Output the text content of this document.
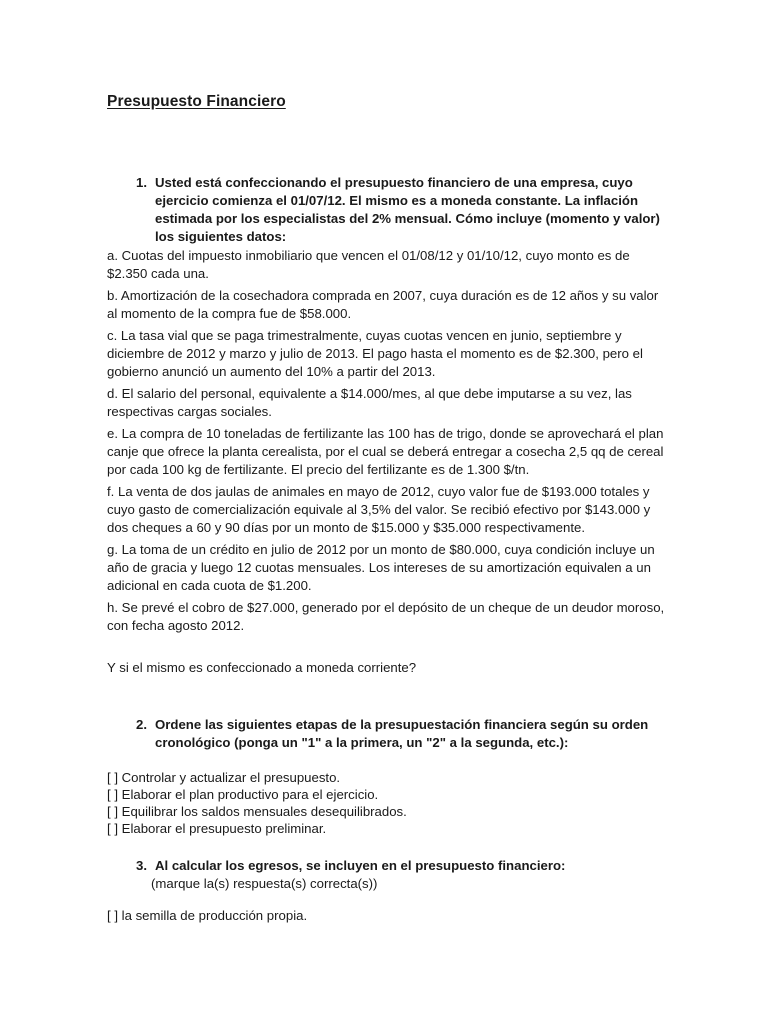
Presupuesto Financiero
1. Usted está confeccionando el presupuesto financiero de una empresa, cuyo ejercicio comienza el 01/07/12. El mismo es a moneda constante. La inflación estimada por los especialistas del 2% mensual. Cómo incluye (momento y valor) los siguientes datos:
a. Cuotas del impuesto inmobiliario que vencen el 01/08/12 y 01/10/12, cuyo monto es de $2.350 cada una.
b. Amortización de la cosechadora comprada en 2007, cuya duración es de 12 años y su valor al momento de la compra fue de $58.000.
c. La tasa vial que se paga trimestralmente, cuyas cuotas vencen en junio, septiembre y diciembre de 2012 y marzo y julio de 2013. El pago hasta el momento es de $2.300, pero el gobierno anunció un aumento del 10% a partir del 2013.
d. El salario del personal, equivalente a $14.000/mes, al que debe imputarse a su vez, las respectivas cargas sociales.
e. La compra de 10 toneladas de fertilizante las 100 has de trigo, donde se aprovechará el plan canje que ofrece la planta cerealista, por el cual se deberá entregar a cosecha 2,5 qq de cereal por cada 100 kg de fertilizante. El precio del fertilizante es de 1.300 $/tn.
f. La venta de dos jaulas de animales en mayo de 2012, cuyo valor fue de $193.000 totales y cuyo gasto de comercialización equivale al 3,5% del valor. Se recibió efectivo por $143.000 y dos cheques a 60 y 90 días por un monto de $15.000 y $35.000 respectivamente.
g. La toma de un crédito en julio de 2012 por un monto de $80.000, cuya condición incluye un año de gracia y luego 12 cuotas mensuales. Los intereses de su amortización equivalen a un adicional en cada cuota de $1.200.
h. Se prevé el cobro de $27.000, generado por el depósito de un cheque de un deudor moroso, con fecha agosto 2012.
Y si el mismo es confeccionado a moneda corriente?
2. Ordene las siguientes etapas de la presupuestación financiera según su orden cronológico (ponga un "1" a la primera, un "2" a la segunda, etc.):
[ ] Controlar y actualizar el presupuesto.
[ ] Elaborar el plan productivo para el ejercicio.
[ ] Equilibrar los saldos mensuales desequilibrados.
[ ] Elaborar el presupuesto preliminar.
3. Al calcular los egresos, se incluyen en el presupuesto financiero:
(marque la(s) respuesta(s) correcta(s))
[ ] la semilla de producción propia.
